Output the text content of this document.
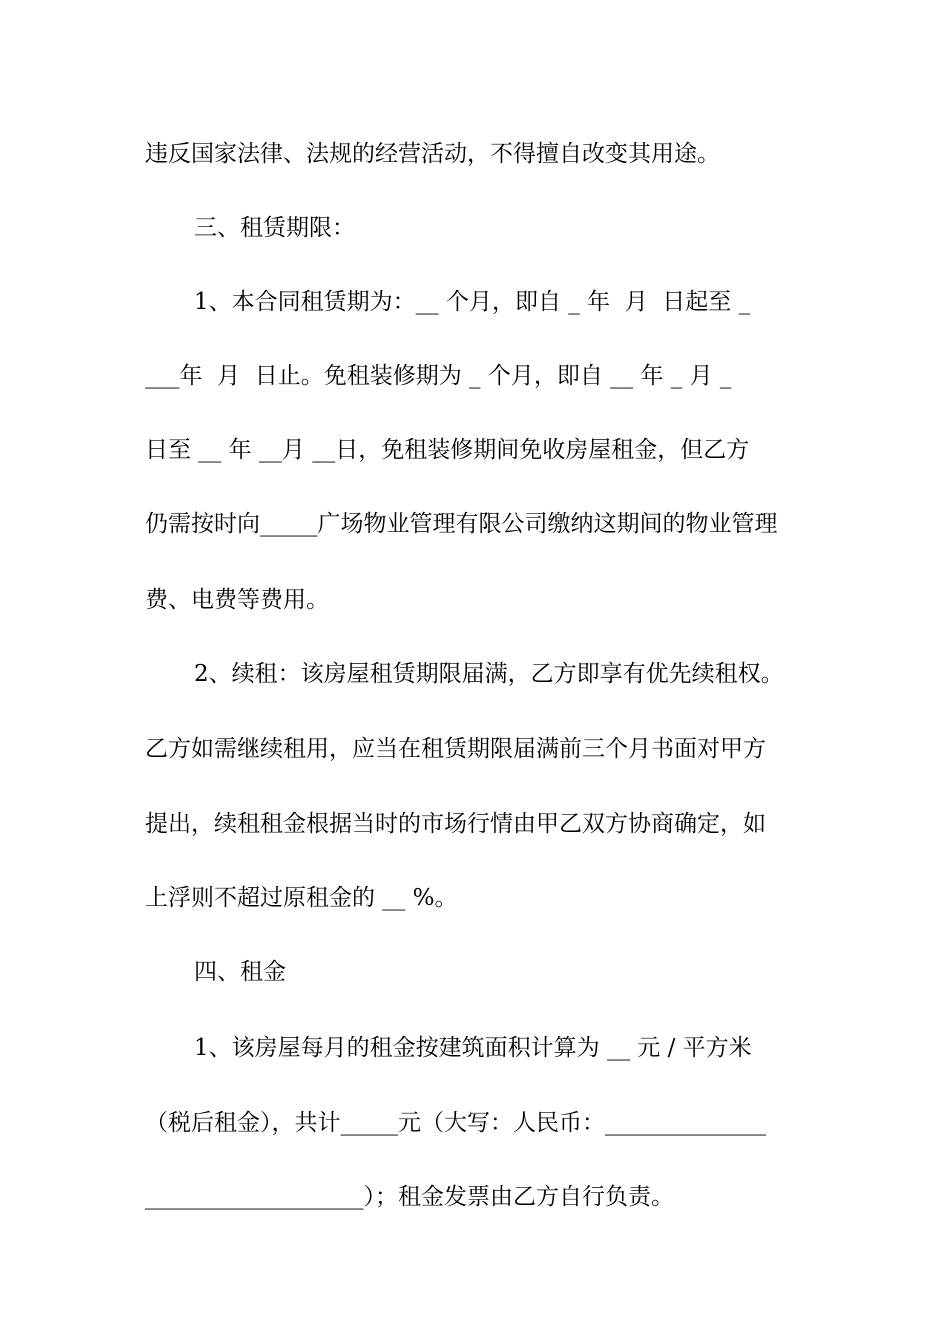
违反国家法律、法规的经营活动，不得擅自改变其用途。
三、租赁期限：
1、本合同租赁期为：__ 个月，即自 _ 年  月  日起至 _
___年  月  日止。免租装修期为 _ 个月，即自 __ 年 _ 月 _
日至 __ 年 __月 __日，免租装修期间免收房屋租金，但乙方
仍需按时向_____广场物业管理有限公司缴纳这期间的物业管理
费、电费等费用。
2、续租：该房屋租赁期限届满，乙方即享有优先续租权。
乙方如需继续租用，应当在租赁期限届满前三个月书面对甲方
提出，续租租金根据当时的市场行情由甲乙双方协商确定，如
上浮则不超过原租金的 __ %。
四、租金
1、该房屋每月的租金按建筑面积计算为 __ 元 / 平方米
（税后租金），共计_____元（大写：人民币：______________
___________________）；租金发票由乙方自行负责。
